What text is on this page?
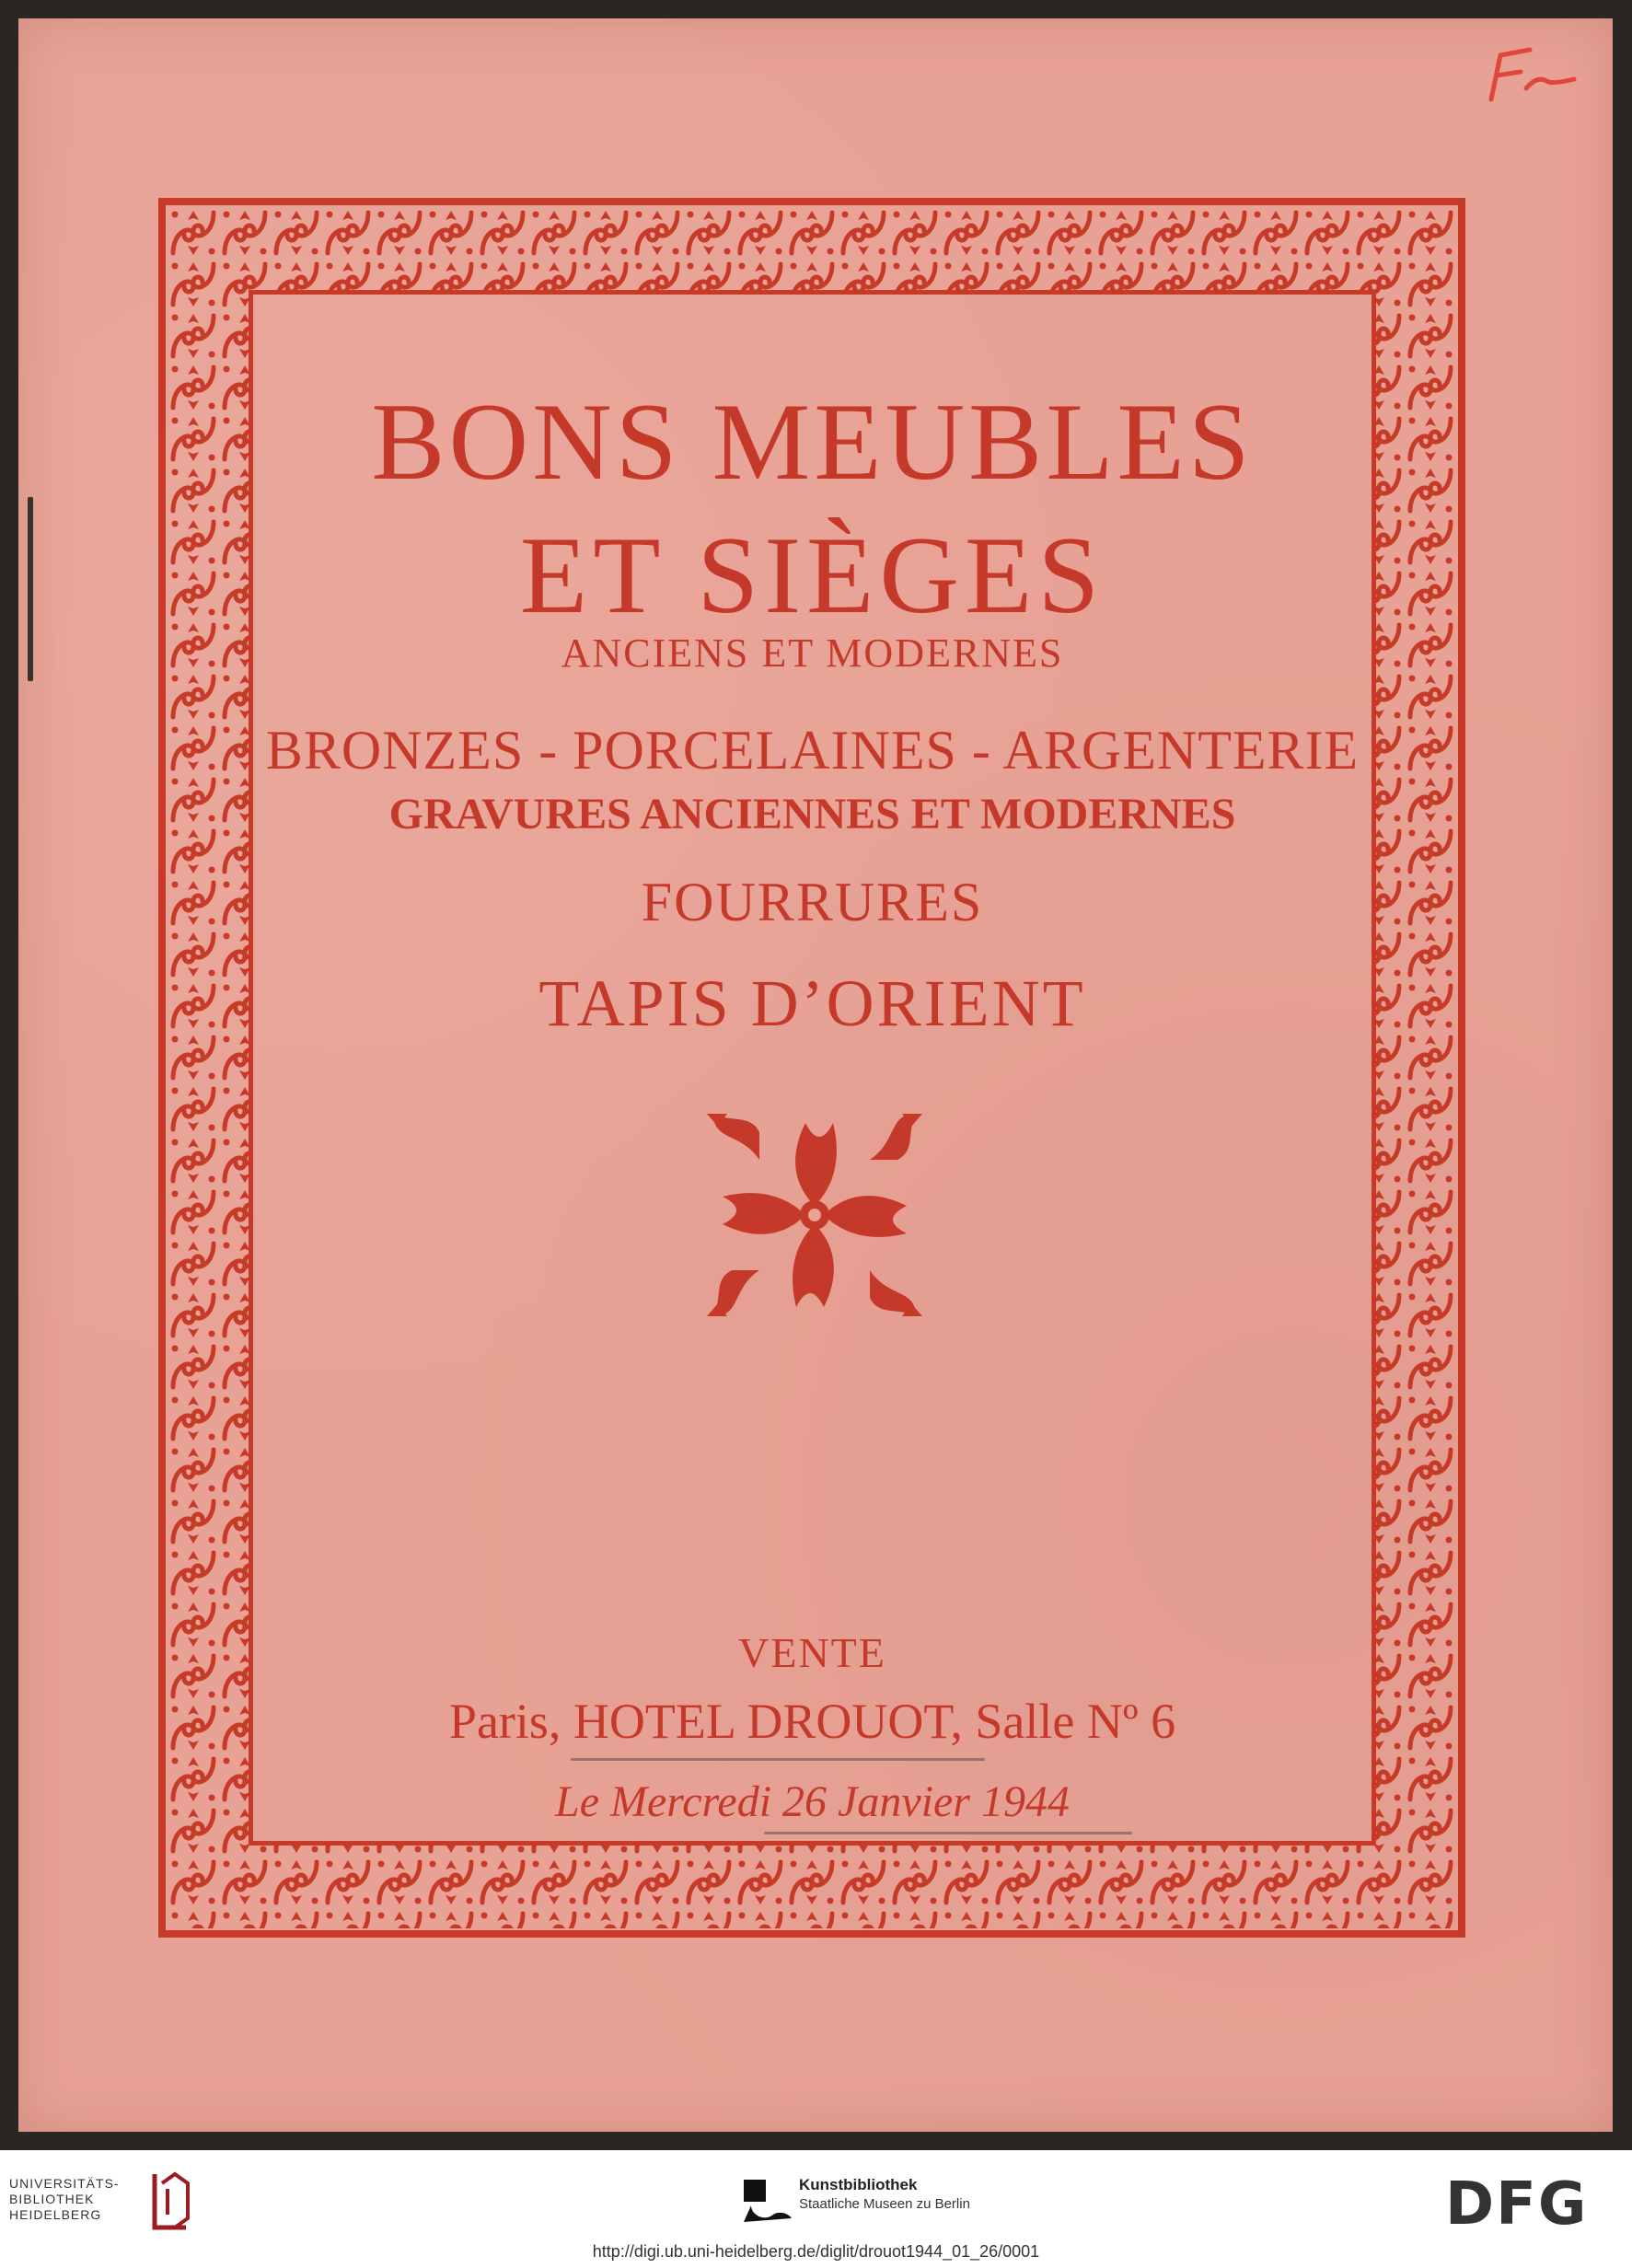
BONS MEUBLES
ET SIÈGES

ANCIENS ET MODERNES

BRONZES - PORCELAINES - ARGENTERIE

GRAVURES ANCIENNES ET MODERNES

FOURRURES

TAPIS D’ORIENT

VENTE

Paris, HOTEL DROUOT, Salle Nº 6

Le Mercredi 26 Janvier 1944

UNIVERSITÄTS-
BIBLIOTHEK
HEIDELBERG
Kunstbibliothek
Staatliche Museen zu Berlin	DFG
http://digi.ub.uni-heidelberg.de/diglit/drouot1944_01_26/0001
